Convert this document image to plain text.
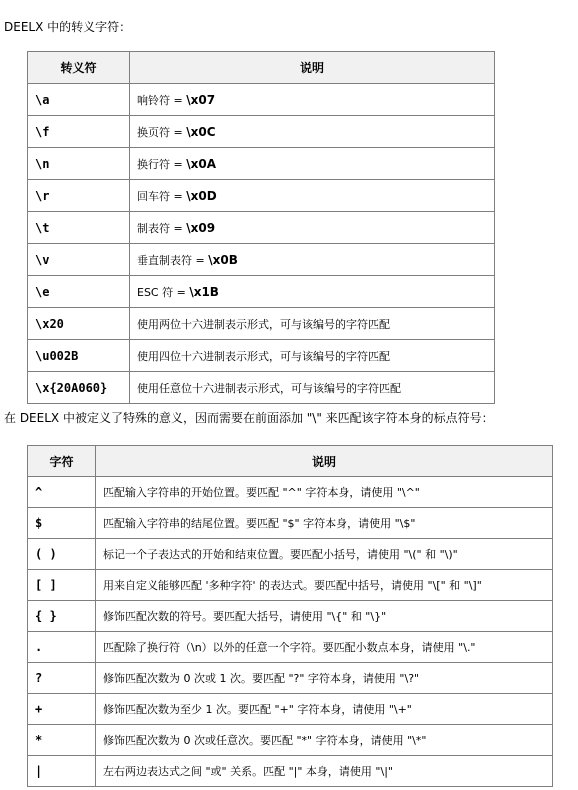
DEELX 中的转义字符：
转义符	说明
\a	响铃符 = \x07
\f	换页符 = \x0C
\n	换行符 = \x0A
\r	回车符 = \x0D
\t	制表符 = \x09
\v	垂直制表符 = \x0B
\e	ESC 符 = \x1B
\x20	使用两位十六进制表示形式，可与该编号的字符匹配
\u002B	使用四位十六进制表示形式，可与该编号的字符匹配
\x{20A060}	使用任意位十六进制表示形式，可与该编号的字符匹配
在 DEELX 中被定义了特殊的意义，因而需要在前面添加 "\" 来匹配该字符本身的标点符号：
字符	说明
^	匹配输入字符串的开始位置。要匹配 "^" 字符本身，请使用 "\^"
$	匹配输入字符串的结尾位置。要匹配 "$" 字符本身，请使用 "\$"
( )	标记一个子表达式的开始和结束位置。要匹配小括号，请使用 "\(" 和 "\)"
[ ]	用来自定义能够匹配 '多种字符' 的表达式。要匹配中括号，请使用 "\[" 和 "\]"
{ }	修饰匹配次数的符号。要匹配大括号，请使用 "\{" 和 "\}"
.	匹配除了换行符（\n）以外的任意一个字符。要匹配小数点本身，请使用 "\."
?	修饰匹配次数为 0 次或 1 次。要匹配 "?" 字符本身，请使用 "\?"
+	修饰匹配次数为至少 1 次。要匹配 "+" 字符本身，请使用 "\+"
*	修饰匹配次数为 0 次或任意次。要匹配 "*" 字符本身，请使用 "\*"
|	左右两边表达式之间 "或" 关系。匹配 "|" 本身，请使用 "\|"
